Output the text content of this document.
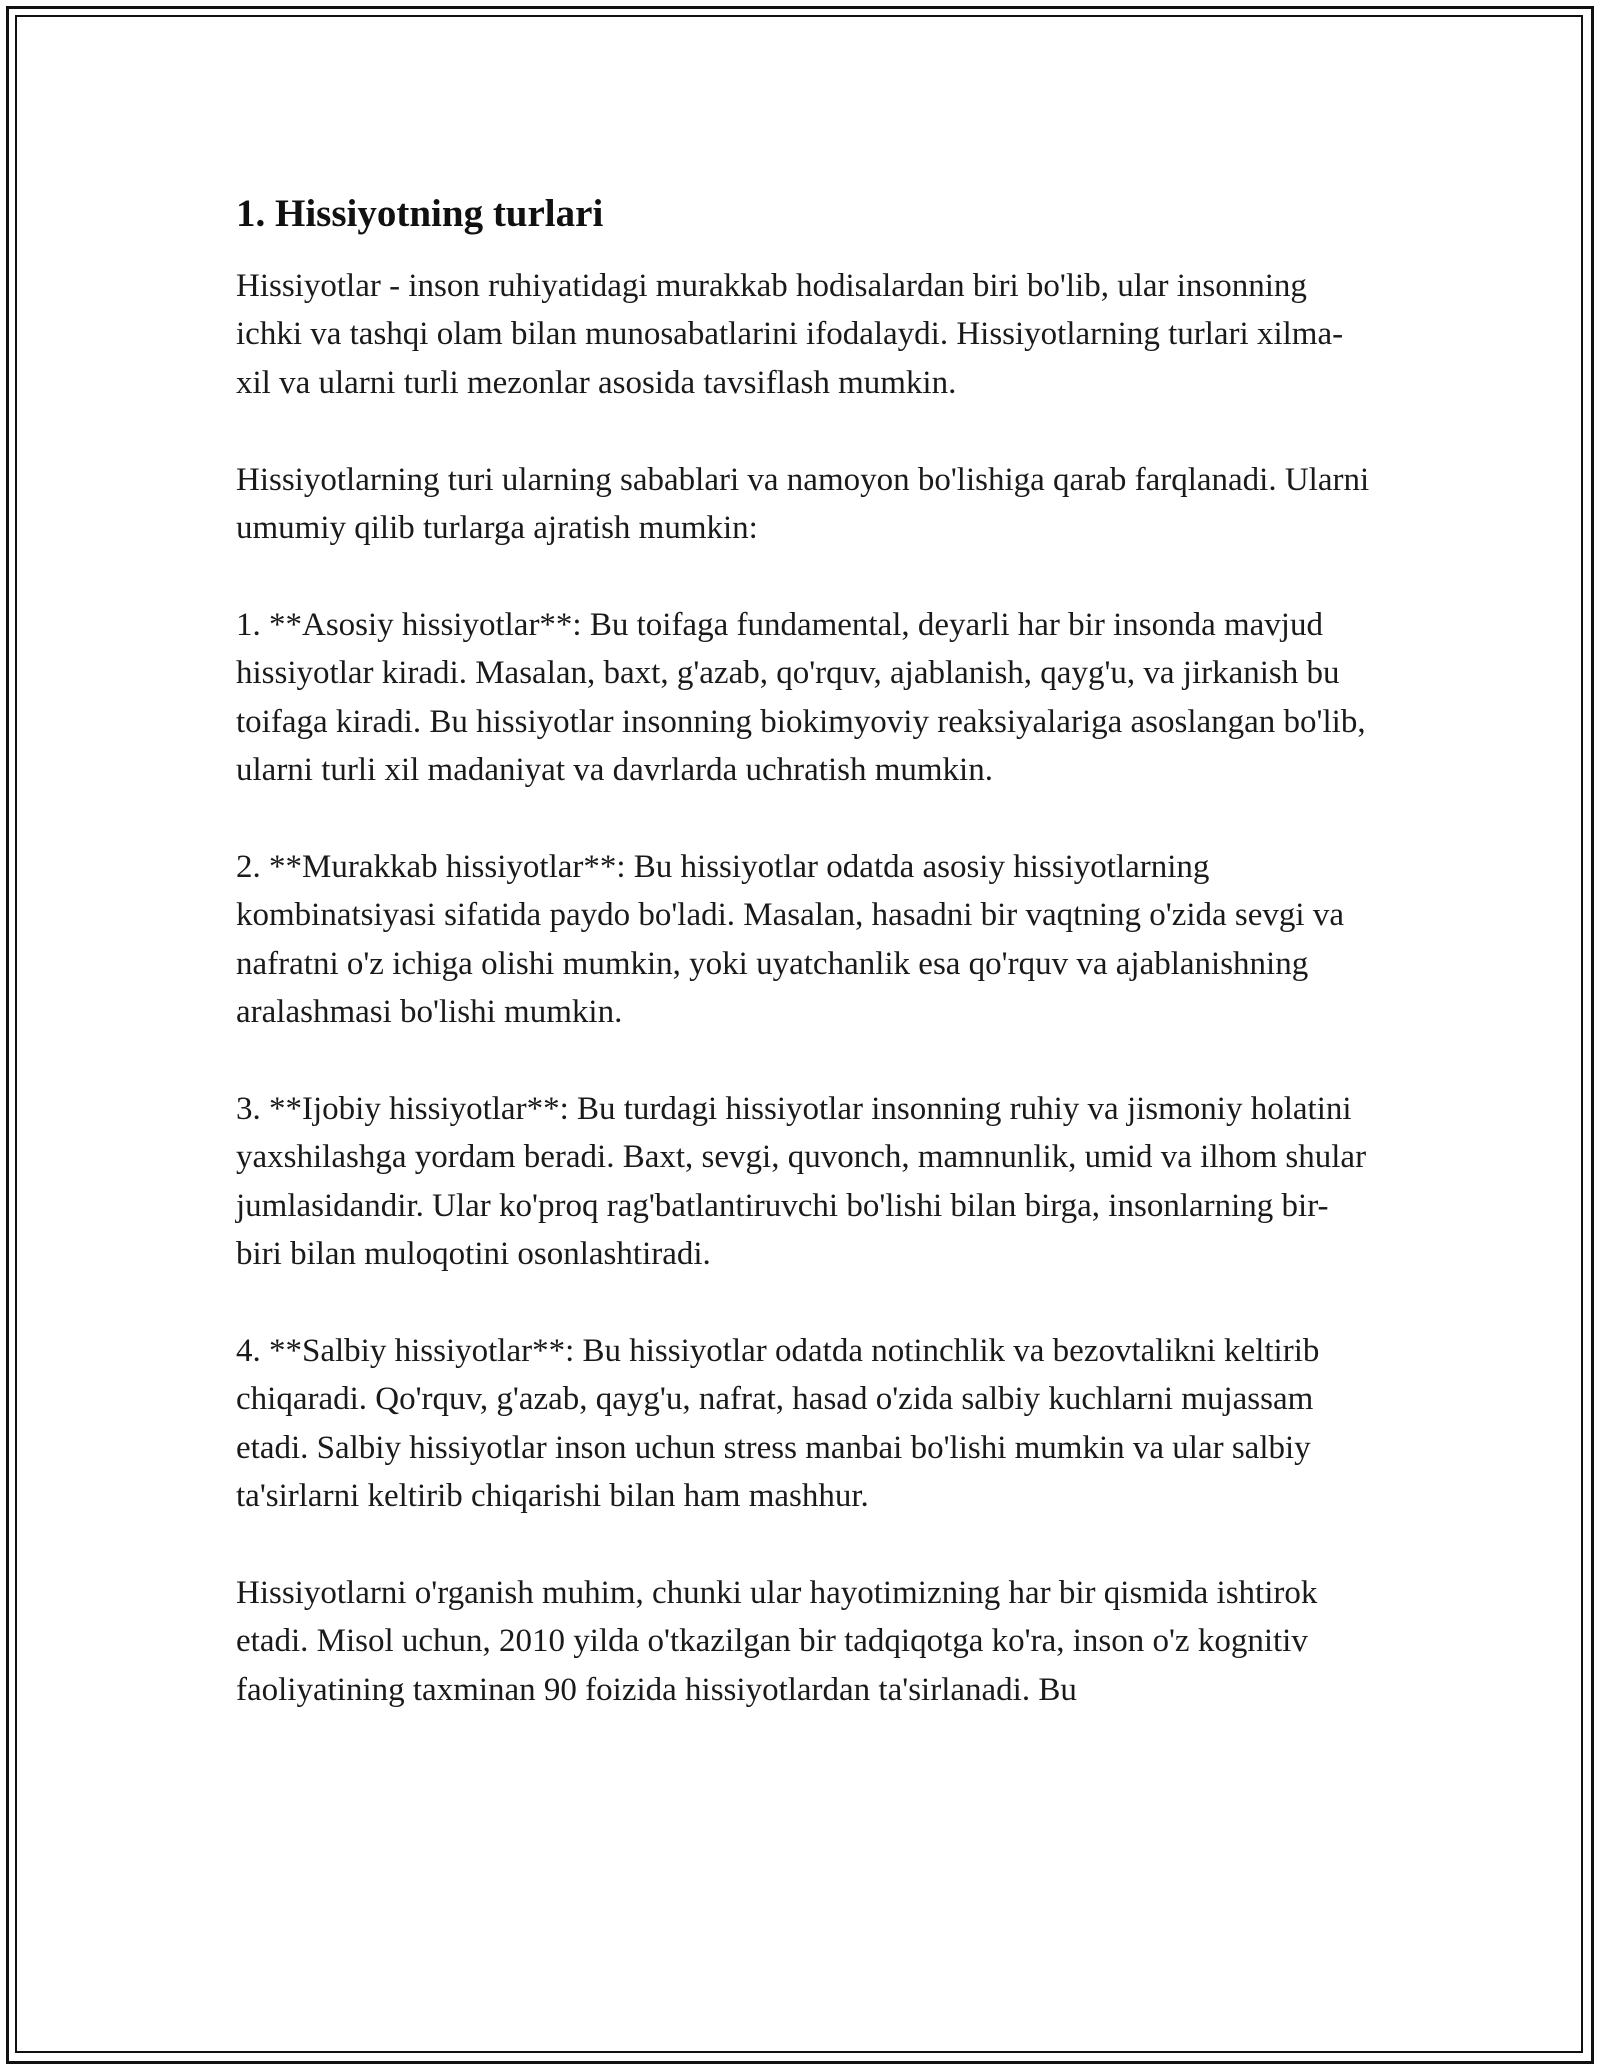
1. Hissiyotning turlari

Hissiyotlar - inson ruhiyatidagi murakkab hodisalardan biri bo'lib, ular insonning ichki va tashqi olam bilan munosabatlarini ifodalaydi. Hissiyotlarning turlari xilma-xil va ularni turli mezonlar asosida tavsiflash mumkin.

Hissiyotlarning turi ularning sabablari va namoyon bo'lishiga qarab farqlanadi. Ularni umumiy qilib turlarga ajratish mumkin:

1. **Asosiy hissiyotlar**: Bu toifaga fundamental, deyarli har bir insonda mavjud hissiyotlar kiradi. Masalan, baxt, g'azab, qo'rquv, ajablanish, qayg'u, va jirkanish bu toifaga kiradi. Bu hissiyotlar insonning biokimyoviy reaksiyalariga asoslangan bo'lib, ularni turli xil madaniyat va davrlarda uchratish mumkin.

2. **Murakkab hissiyotlar**: Bu hissiyotlar odatda asosiy hissiyotlarning kombinatsiyasi sifatida paydo bo'ladi. Masalan, hasadni bir vaqtning o'zida sevgi va nafratni o'z ichiga olishi mumkin, yoki uyatchanlik esa qo'rquv va ajablanishning aralashmasi bo'lishi mumkin.

3. **Ijobiy hissiyotlar**: Bu turdagi hissiyotlar insonning ruhiy va jismoniy holatini yaxshilashga yordam beradi. Baxt, sevgi, quvonch, mamnunlik, umid va ilhom shular jumlasidandir. Ular ko'proq rag'batlantiruvchi bo'lishi bilan birga, insonlarning bir-biri bilan muloqotini osonlashtiradi.

4. **Salbiy hissiyotlar**: Bu hissiyotlar odatda notinchlik va bezovtalikni keltirib chiqaradi. Qo'rquv, g'azab, qayg'u, nafrat, hasad o'zida salbiy kuchlarni mujassam etadi. Salbiy hissiyotlar inson uchun stress manbai bo'lishi mumkin va ular salbiy ta'sirlarni keltirib chiqarishi bilan ham mashhur.

Hissiyotlarni o'rganish muhim, chunki ular hayotimizning har bir qismida ishtirok etadi. Misol uchun, 2010 yilda o'tkazilgan bir tadqiqotga ko'ra, inson o'z kognitiv faoliyatining taxminan 90 foizida hissiyotlardan ta'sirlanadi. Bu
